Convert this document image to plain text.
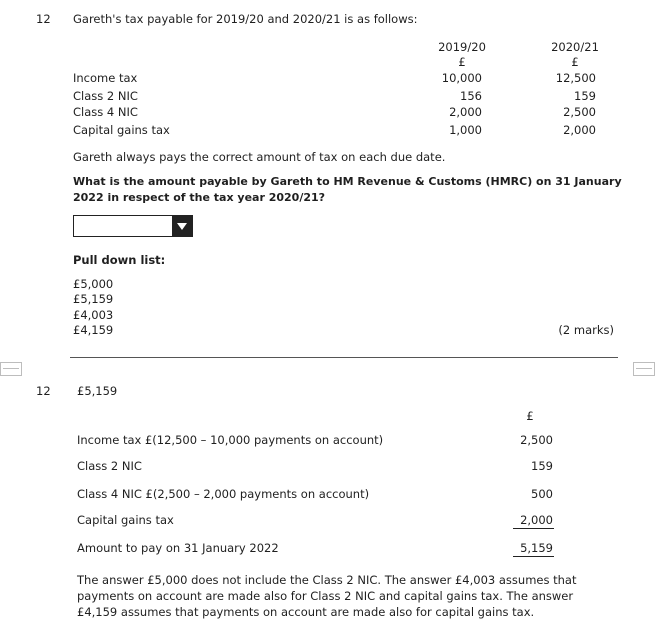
12 Gareth's tax payable for 2019/20 and 2020/21 is as follows:
2019/20
£
2020/21
£
Income tax	10,000	12,500
Class 2 NIC	156	159
Class 4 NIC	2,000	2,500
Capital gains tax	1,000	2,000
Gareth always pays the correct amount of tax on each due date.
What is the amount payable by Gareth to HM Revenue & Customs (HMRC) on 31 January
2022 in respect of the tax year 2020/21?
Pull down list:
£5,000
£5,159
£4,003
£4,159	(2 marks)
12 £5,159
£
Income tax £(12,500 – 10,000 payments on account)	2,500
Class 2 NIC	159
Class 4 NIC £(2,500 – 2,000 payments on account)	500
Capital gains tax	2,000
Amount to pay on 31 January 2022	5,159
The answer £5,000 does not include the Class 2 NIC. The answer £4,003 assumes that
payments on account are made also for Class 2 NIC and capital gains tax. The answer
£4,159 assumes that payments on account are made also for capital gains tax.
